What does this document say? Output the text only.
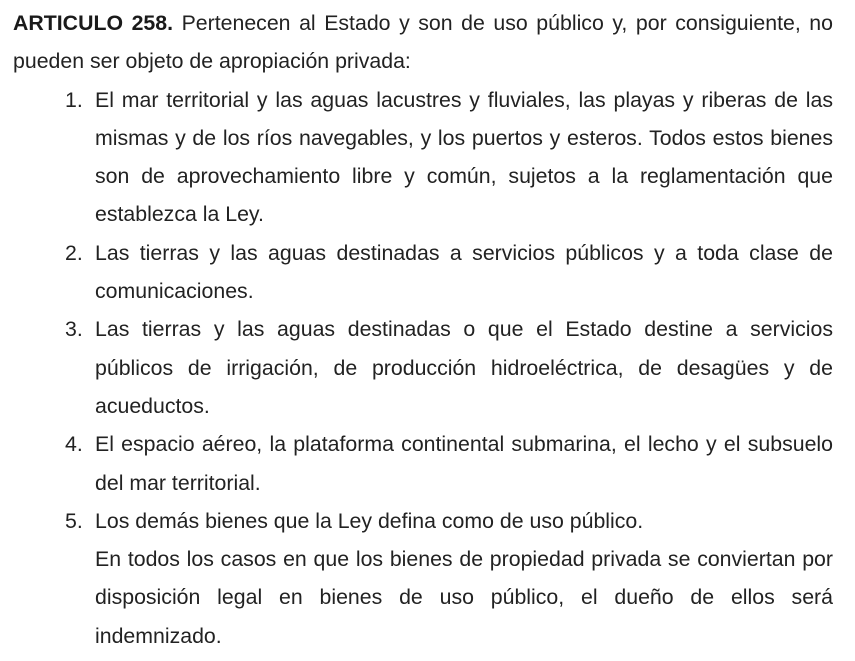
ARTICULO 258. Pertenecen al Estado y son de uso público y, por consiguiente, no pueden ser objeto de apropiación privada:

1. El mar territorial y las aguas lacustres y fluviales, las playas y riberas de las mismas y de los ríos navegables, y los puertos y esteros. Todos estos bienes son de aprovechamiento libre y común, sujetos a la reglamentación que establezca la Ley.
2. Las tierras y las aguas destinadas a servicios públicos y a toda clase de comunicaciones.
3. Las tierras y las aguas destinadas o que el Estado destine a servicios públicos de irrigación, de producción hidroeléctrica, de desagües y de acueductos.
4. El espacio aéreo, la plataforma continental submarina, el lecho y el subsuelo del mar territorial.
5. Los demás bienes que la Ley defina como de uso público.

En todos los casos en que los bienes de propiedad privada se conviertan por disposición legal en bienes de uso público, el dueño de ellos será indemnizado.
